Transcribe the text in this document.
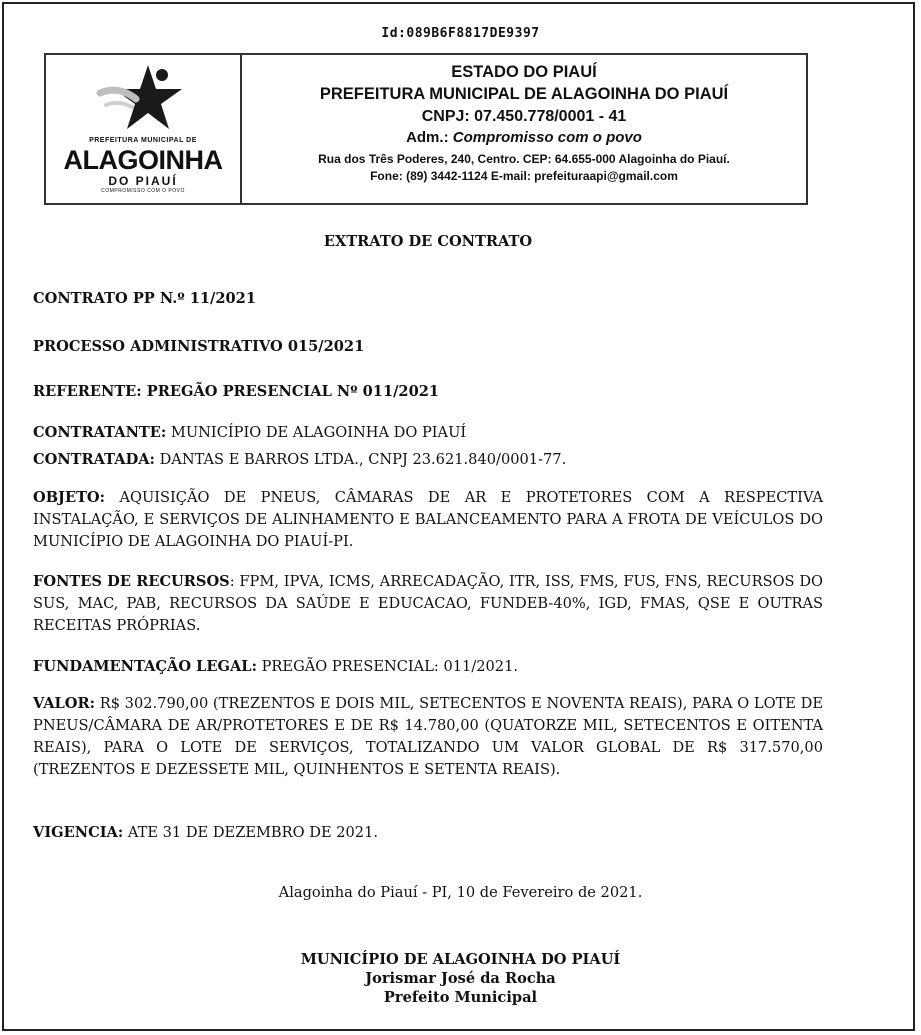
Id:089B6F8817DE9397
PREFEITURA MUNICIPAL DE
ALAGOINHA
DO PIAUÍ
COMPROMISSO COM O POVO
ESTADO DO PIAUÍ
PREFEITURA MUNICIPAL DE ALAGOINHA DO PIAUÍ
CNPJ: 07.450.778/0001 - 41
Adm.: Compromisso com o povo
Rua dos Três Poderes, 240, Centro. CEP: 64.655-000 Alagoinha do Piauí.
Fone: (89) 3442-1124 E-mail: prefeituraapi@gmail.com
EXTRATO DE CONTRATO
CONTRATO PP N.º 11/2021
PROCESSO ADMINISTRATIVO 015/2021
REFERENTE: PREGÃO PRESENCIAL Nº 011/2021
CONTRATANTE: MUNICÍPIO DE ALAGOINHA DO PIAUÍ
CONTRATADA: DANTAS E BARROS LTDA., CNPJ 23.621.840/0001-77.
OBJETO: AQUISIÇÃO DE PNEUS, CÂMARAS DE AR E PROTETORES COM A RESPECTIVA INSTALAÇÃO, E SERVIÇOS DE ALINHAMENTO E BALANCEAMENTO PARA A FROTA DE VEÍCULOS DO MUNICÍPIO DE ALAGOINHA DO PIAUÍ-PI.
FONTES DE RECURSOS: FPM, IPVA, ICMS, ARRECADAÇÃO, ITR, ISS, FMS, FUS, FNS, RECURSOS DO SUS, MAC, PAB, RECURSOS DA SAÚDE E EDUCACAO, FUNDEB-40%, IGD, FMAS, QSE E OUTRAS RECEITAS PRÓPRIAS.
FUNDAMENTAÇÃO LEGAL: PREGÃO PRESENCIAL: 011/2021.
VALOR: R$ 302.790,00 (TREZENTOS E DOIS MIL, SETECENTOS E NOVENTA REAIS), PARA O LOTE DE PNEUS/CÂMARA DE AR/PROTETORES E DE R$ 14.780,00 (QUATORZE MIL, SETECENTOS E OITENTA REAIS), PARA O LOTE DE SERVIÇOS, TOTALIZANDO UM VALOR GLOBAL DE R$ 317.570,00 (TREZENTOS E DEZESSETE MIL, QUINHENTOS E SETENTA REAIS).
VIGENCIA: ATE 31 DE DEZEMBRO DE 2021.
Alagoinha do Piauí - PI, 10 de Fevereiro de 2021.
MUNICÍPIO DE ALAGOINHA DO PIAUÍ
Jorismar José da Rocha
Prefeito Municipal
